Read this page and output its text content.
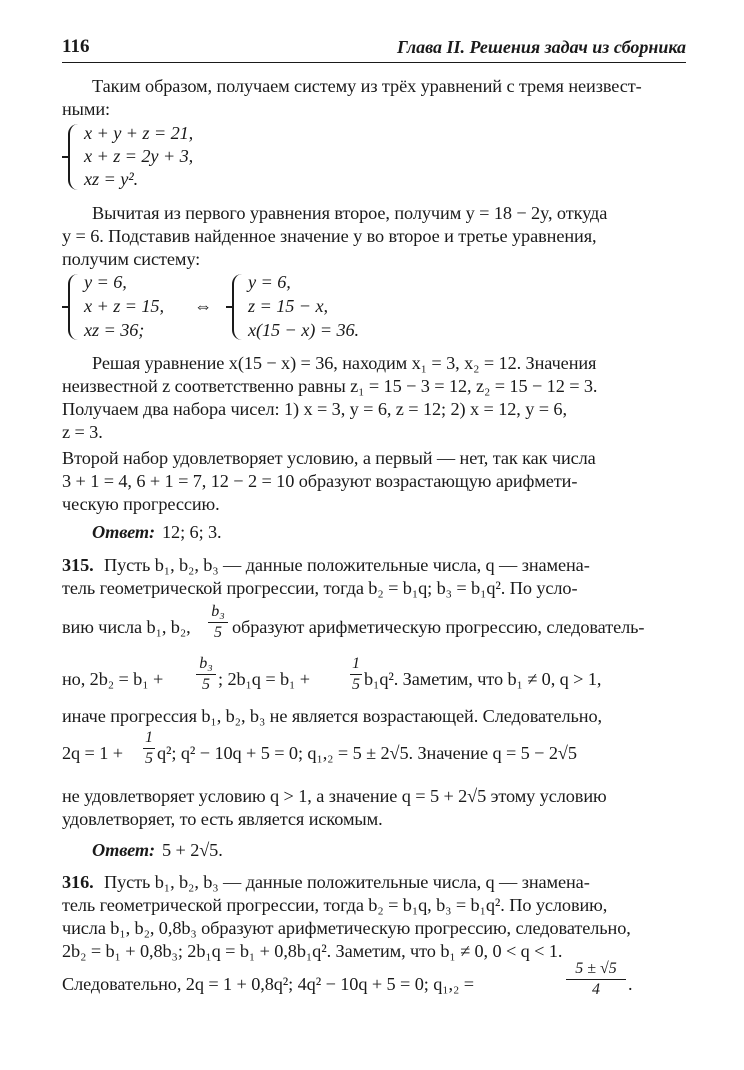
116	Глава II. Решения задач из сборника
Таким образом, получаем систему из трёх уравнений с тремя неизвест-
ными:
x + y + z = 21,
x + z = 2y + 3,
xz = y².
Вычитая из первого уравнения второе, получим y = 18 − 2y, откуда
y = 6. Подставив найденное значение y во второе и третье уравнения,
получим систему:
y = 6,
x + z = 15,
xz = 36;
⇔
y = 6,
z = 15 − x,
x(15 − x) = 36.
Решая уравнение x(15 − x) = 36, находим x₁ = 3, x₂ = 12. Значения
неизвестной z соответственно равны z₁ = 15 − 3 = 12, z₂ = 15 − 12 = 3.
Получаем два набора чисел: 1) x = 3, y = 6, z = 12; 2) x = 12, y = 6,
z = 3.
Второй набор удовлетворяет условию, а первый — нет, так как числа
3 + 1 = 4, 6 + 1 = 7, 12 − 2 = 10 образуют возрастающую арифмети-
ческую прогрессию.
Ответ: 12; 6; 3.
315. Пусть b₁, b₂, b₃ — данные положительные числа, q — знамена-
тель геометрической прогрессии, тогда b₂ = b₁q; b₃ = b₁q². По усло-
вию числа b₁, b₂,
b₃
5 образуют арифметическую прогрессию, следователь-
но, 2b₂ = b₁ +
b₃
5 ; 2b₁q = b₁ +
1
5 b₁q². Заметим, что b₁ ≠ 0, q > 1,
иначе прогрессия b₁, b₂, b₃ не является возрастающей. Следовательно,
2q = 1 +
1
5 q²; q² − 10q + 5 = 0; q₁,₂ = 5 ± 2√5. Значение q = 5 − 2√5
не удовлетворяет условию q > 1, а значение q = 5 + 2√5 этому условию
удовлетворяет, то есть является искомым.
Ответ: 5 + 2√5.
316. Пусть b₁, b₂, b₃ — данные положительные числа, q — знамена-
тель геометрической прогрессии, тогда b₂ = b₁q, b₃ = b₁q². По условию,
числа b₁, b₂, 0,8b₃ образуют арифметическую прогрессию, следовательно,
2b₂ = b₁ + 0,8b₃; 2b₁q = b₁ + 0,8b₁q². Заметим, что b₁ ≠ 0, 0 < q < 1.
Следовательно, 2q = 1 + 0,8q²; 4q² − 10q + 5 = 0; q₁,₂ =
5 ± √5
4	.
